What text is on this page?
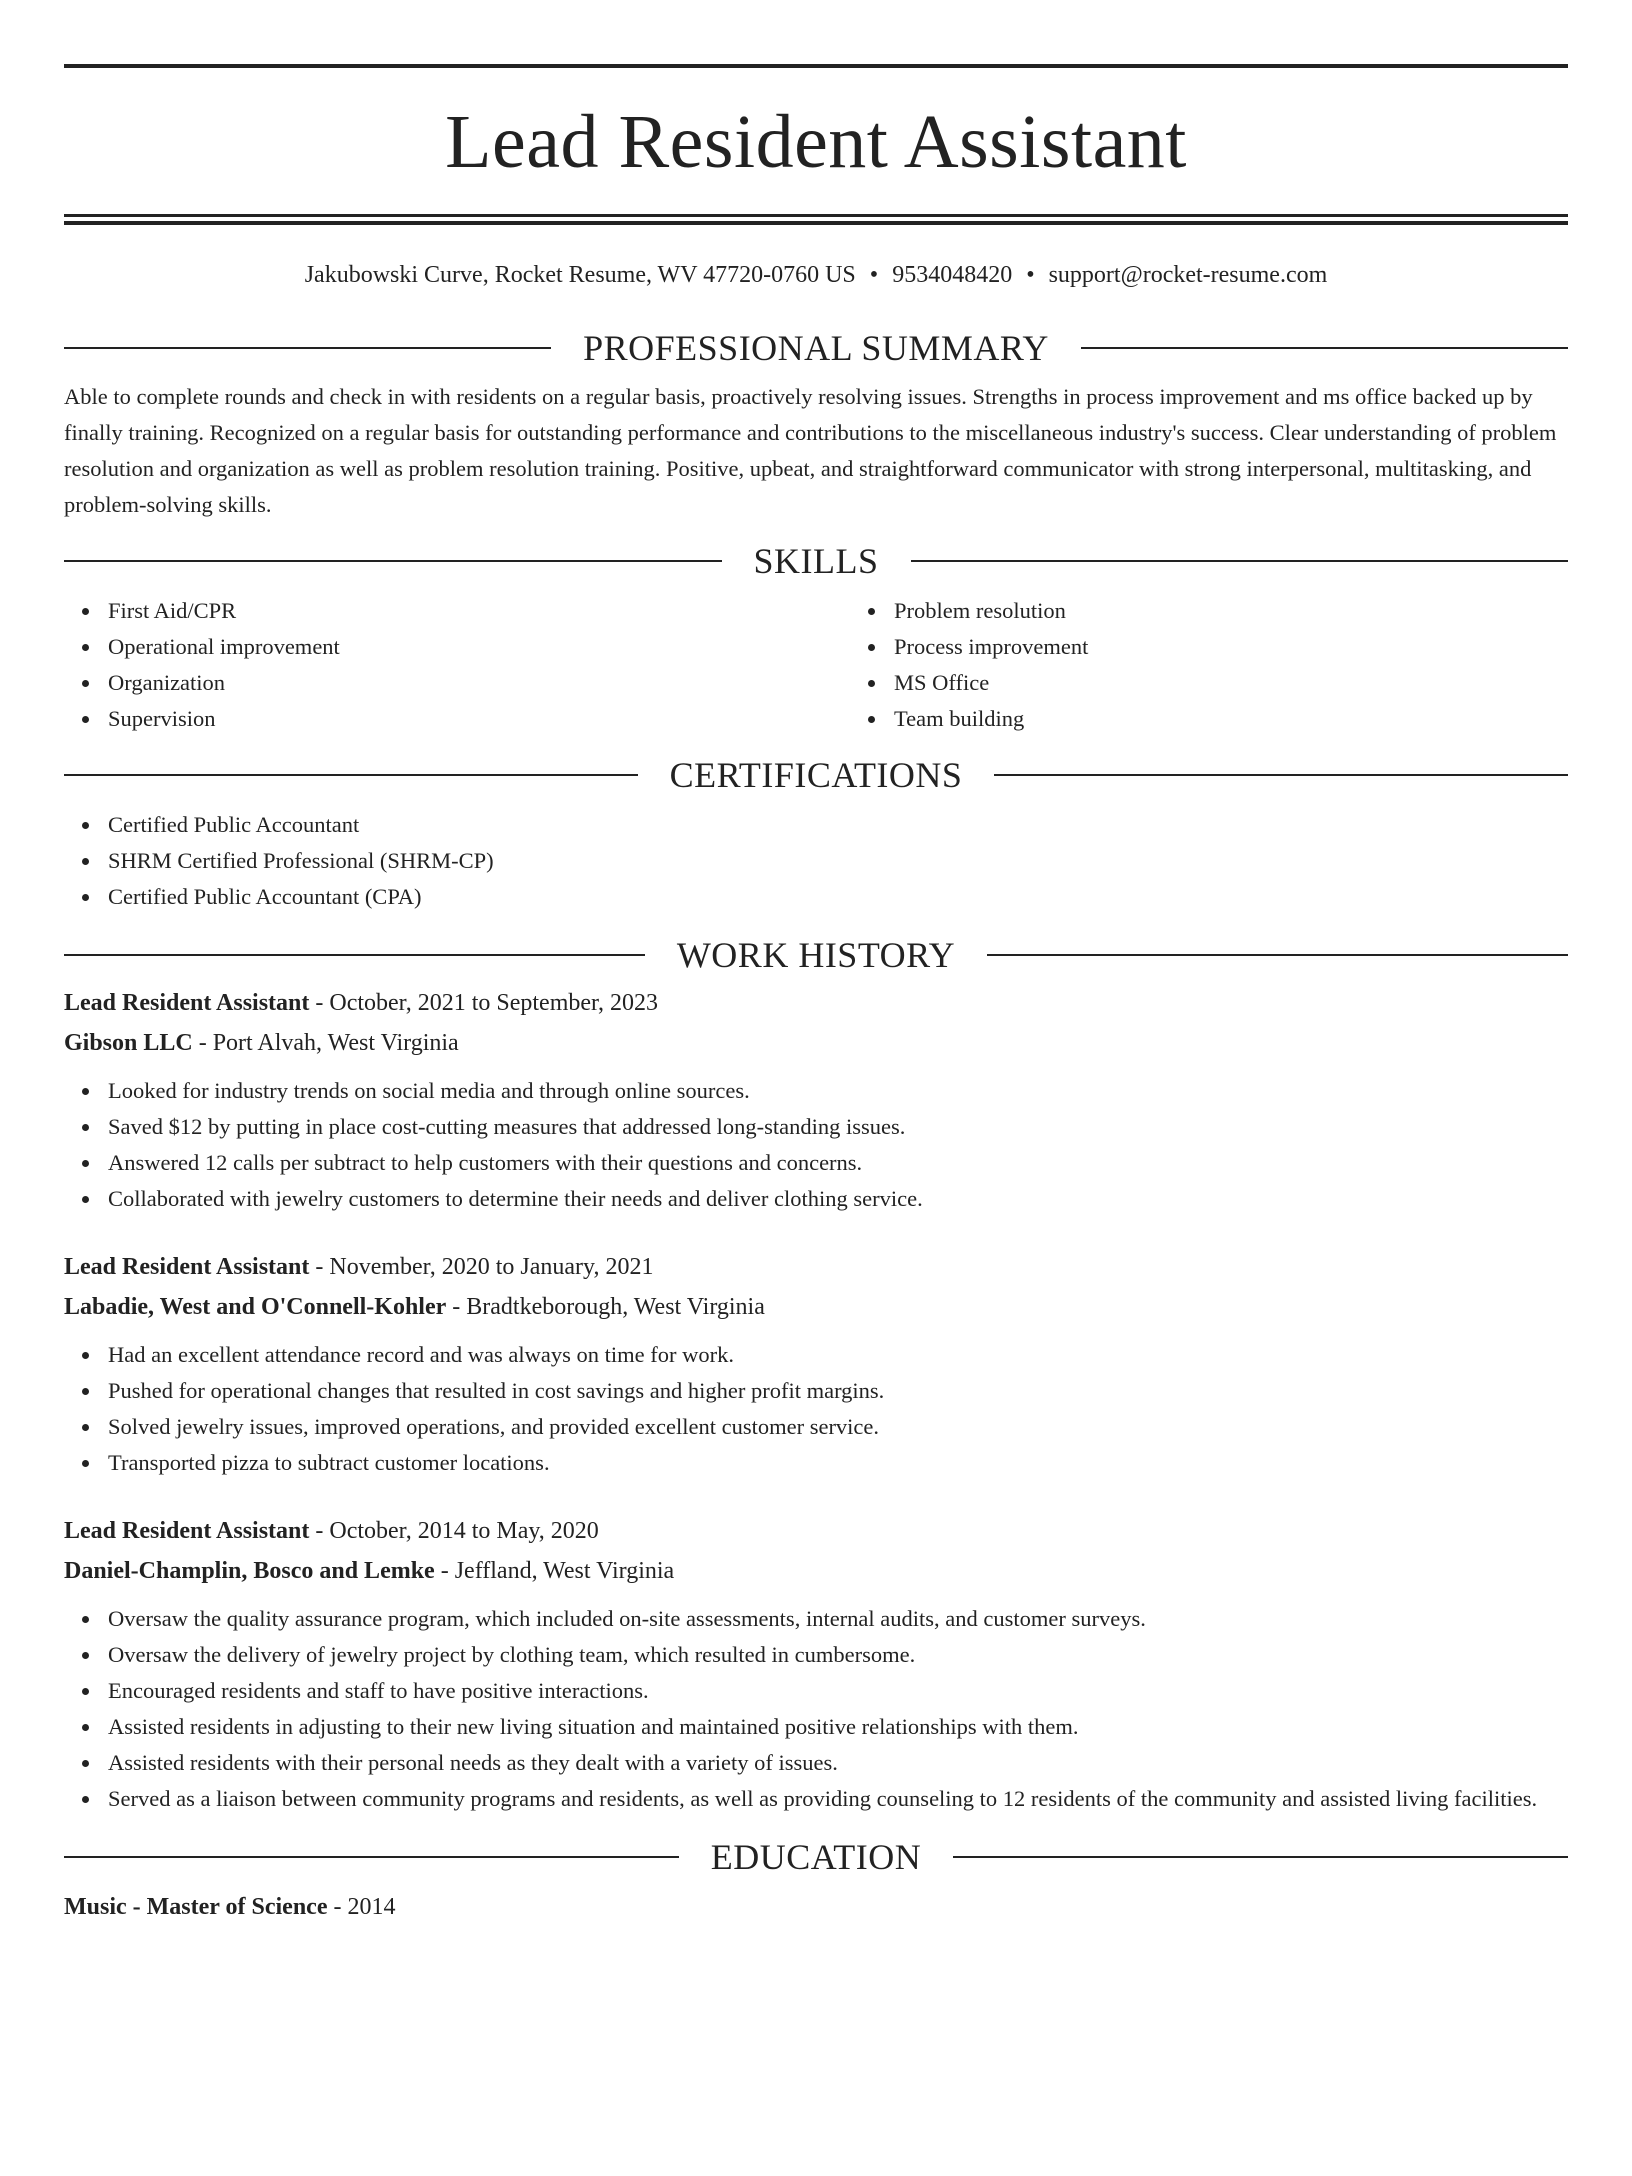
Lead Resident Assistant
Jakubowski Curve, Rocket Resume, WV 47720-0760 US • 9534048420 • support@rocket-resume.com
PROFESSIONAL SUMMARY

Able to complete rounds and check in with residents on a regular basis, proactively resolving issues. Strengths in process improvement and ms office backed up by finally training. Recognized on a regular basis for outstanding performance and contributions to the miscellaneous industry's success. Clear understanding of problem resolution and organization as well as problem resolution training. Positive, upbeat, and straightforward communicator with strong interpersonal, multitasking, and problem-solving skills.

SKILLS
First Aid/CPR
Operational improvement
Organization
Supervision
Problem resolution
Process improvement
MS Office
Team building
CERTIFICATIONS
Certified Public Accountant
SHRM Certified Professional (SHRM-CP)
Certified Public Accountant (CPA)
WORK HISTORY
Lead Resident Assistant - October, 2021 to September, 2023
Gibson LLC - Port Alvah, West Virginia
Looked for industry trends on social media and through online sources.
Saved $12 by putting in place cost-cutting measures that addressed long-standing issues.
Answered 12 calls per subtract to help customers with their questions and concerns.
Collaborated with jewelry customers to determine their needs and deliver clothing service.
Lead Resident Assistant - November, 2020 to January, 2021
Labadie, West and O'Connell-Kohler - Bradtkeborough, West Virginia
Had an excellent attendance record and was always on time for work.
Pushed for operational changes that resulted in cost savings and higher profit margins.
Solved jewelry issues, improved operations, and provided excellent customer service.
Transported pizza to subtract customer locations.
Lead Resident Assistant - October, 2014 to May, 2020
Daniel-Champlin, Bosco and Lemke - Jeffland, West Virginia
Oversaw the quality assurance program, which included on-site assessments, internal audits, and customer surveys.
Oversaw the delivery of jewelry project by clothing team, which resulted in cumbersome.
Encouraged residents and staff to have positive interactions.
Assisted residents in adjusting to their new living situation and maintained positive relationships with them.
Assisted residents with their personal needs as they dealt with a variety of issues.
Served as a liaison between community programs and residents, as well as providing counseling to 12 residents of the community and assisted living facilities.
EDUCATION
Music - Master of Science - 2014
